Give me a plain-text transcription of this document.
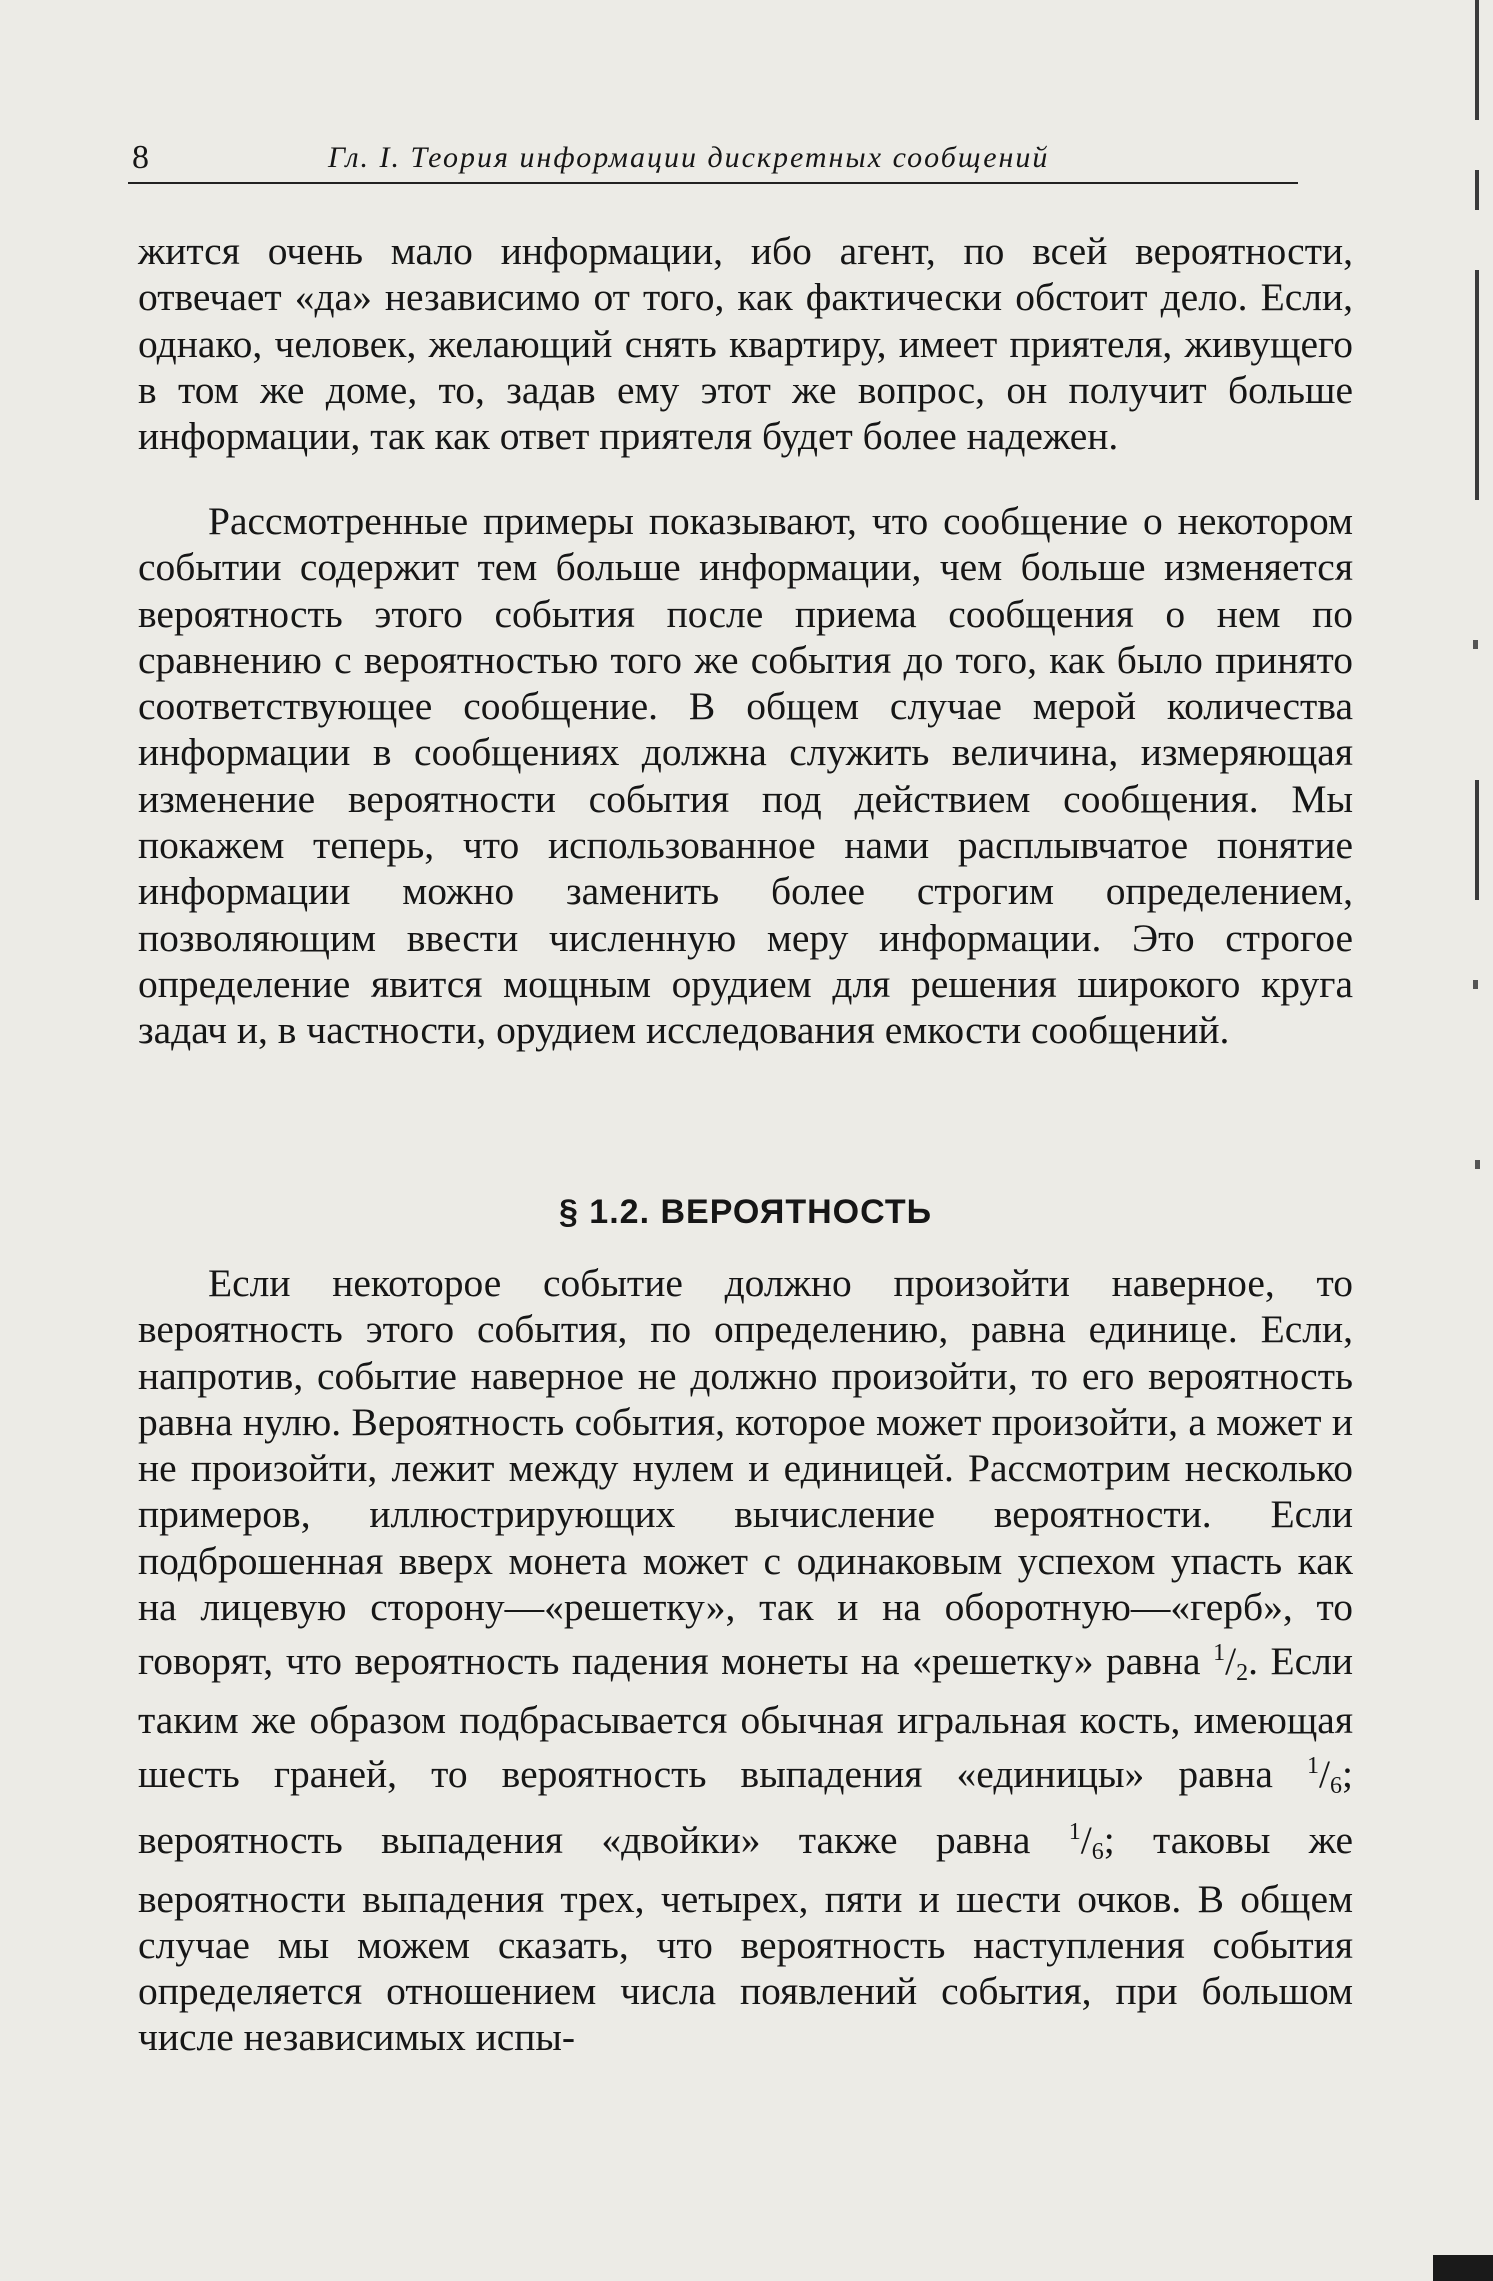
8	Гл. I. Теория информации дискретных сообщений

жится очень мало информации, ибо агент, по всей вероятности, отвечает «да» независимо от того, как фактически обстоит дело. Если, однако, человек, желающий снять квартиру, имеет приятеля, живущего в том же доме, то, задав ему этот же вопрос, он получит больше информации, так как ответ приятеля будет более надежен.

Рассмотренные примеры показывают, что сообщение о некотором событии содержит тем больше информации, чем больше изменяется вероятность этого события после приема сообщения о нем по сравнению с вероятностью того же события до того, как было принято соответствующее сообщение. В общем случае мерой количества информации в сообщениях должна служить величина, измеряющая изменение вероятности события под действием сообщения. Мы покажем теперь, что использованное нами расплывчатое понятие информации можно заменить более строгим определением, позволяющим ввести численную меру информации. Это строгое определение явится мощным орудием для решения широкого круга задач и, в частности, орудием исследования емкости сообщений.

§ 1.2. ВЕРОЯТНОСТЬ

Если некоторое событие должно произойти наверное, то вероятность этого события, по определению, равна единице. Если, напротив, событие наверное не должно произойти, то его вероятность равна нулю. Вероятность события, которое может произойти, а может и не произойти, лежит между нулем и единицей. Рассмотрим несколько примеров, иллюстрирующих вычисление вероятности. Если подброшенная вверх монета может с одинаковым успехом упасть как на лицевую сторону—«решетку», так и на оборотную—«герб», то говорят, что вероятность падения монеты на «решетку» равна $^1/_2$. Если таким же образом подбрасывается обычная игральная кость, имеющая шесть граней, то вероятность выпадения «единицы» равна $^1/_6$; вероятность выпадения «двойки» также равна $^1/_6$; таковы же вероятности выпадения трех, четырех, пяти и шести очков. В общем случае мы можем сказать, что вероятность наступления события определяется отношением числа появлений события, при большом числе независимых испы-
